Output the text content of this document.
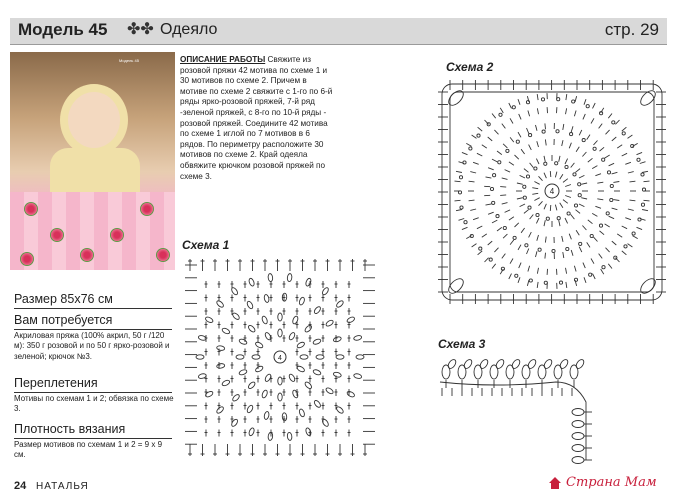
Модель 45 ✤✤ Одеяло	стр. 29
Модель 45	ОПИСАНИЕ РАБОТЫ Свяжите из розовой пряжи 42 мотива по схеме 1 и 30 мотивов по схеме 2. Причем в мотиве по схеме 2 свяжите с 1-го по 6-й ряды ярко-розовой пряжей, 7-й ряд -зеленой пряжей, с 8-го по 10-й ряды - розовой пряжей. Соедините 42 мотива по схеме 1 иглой по 7 мотивов в 6 рядов. По периметру расположите 30 мотивов по схеме 2. Край одеяла обвяжите крючком розовой пряжей по схеме 3.
Размер 85х76 см
Вам потребуется
Акриловая пряжа (100% акрил, 50 г /120 м): 350 г розовой и по 50 г ярко-розовой и зеленой; крючок №3.
Переплетения
Мотивы по схемам 1 и 2; обвязка по схеме 3.
Плотность вязания
Размер мотивов по схемам 1 и 2 = 9 х 9 см.
Схема 1
Схема 2
Схема 3
4
4
24 НАТАЛЬЯ	Страна Мам
